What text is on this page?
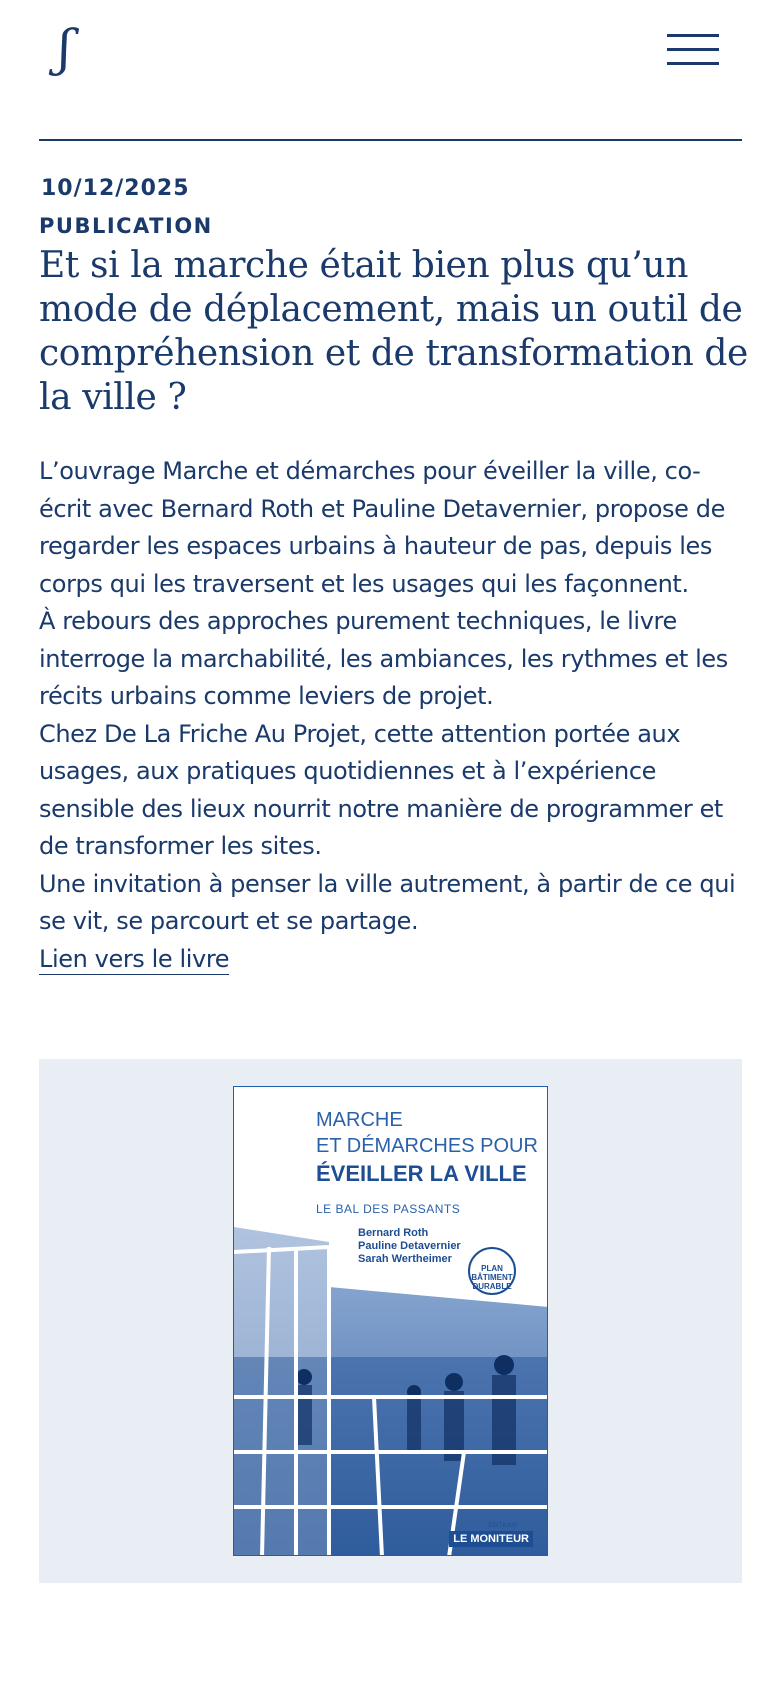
ʃ
10/12/2025
PUBLICATION
Et si la marche était bien plus qu’un mode de déplacement, mais un outil de compréhension et de transformation de la ville ?

L’ouvrage Marche et démarches pour éveiller la ville, co-écrit avec Bernard Roth et Pauline Detavernier, propose de regarder les espaces urbains à hauteur de pas, depuis les corps qui les traversent et les usages qui les façonnent.

À rebours des approches purement techniques, le livre interroge la marchabilité, les ambiances, les rythmes et les récits urbains comme leviers de projet.

Chez De La Friche Au Projet, cette attention portée aux usages, aux pratiques quotidiennes et à l’expérience sensible des lieux nourrit notre manière de programmer et de transformer les sites.

Une invitation à penser la ville autrement, à partir de ce qui se vit, se parcourt et se partage.

Lien vers le livre

MARCHE
ET DÉMARCHES POUR
ÉVEILLER LA VILLE
LE BAL DES PASSANTS
Bernard Roth
Pauline Detavernier
Sarah Wertheimer
PLAN BÂTIMENT DURABLE
ÉDITIONS
LE MONITEUR
